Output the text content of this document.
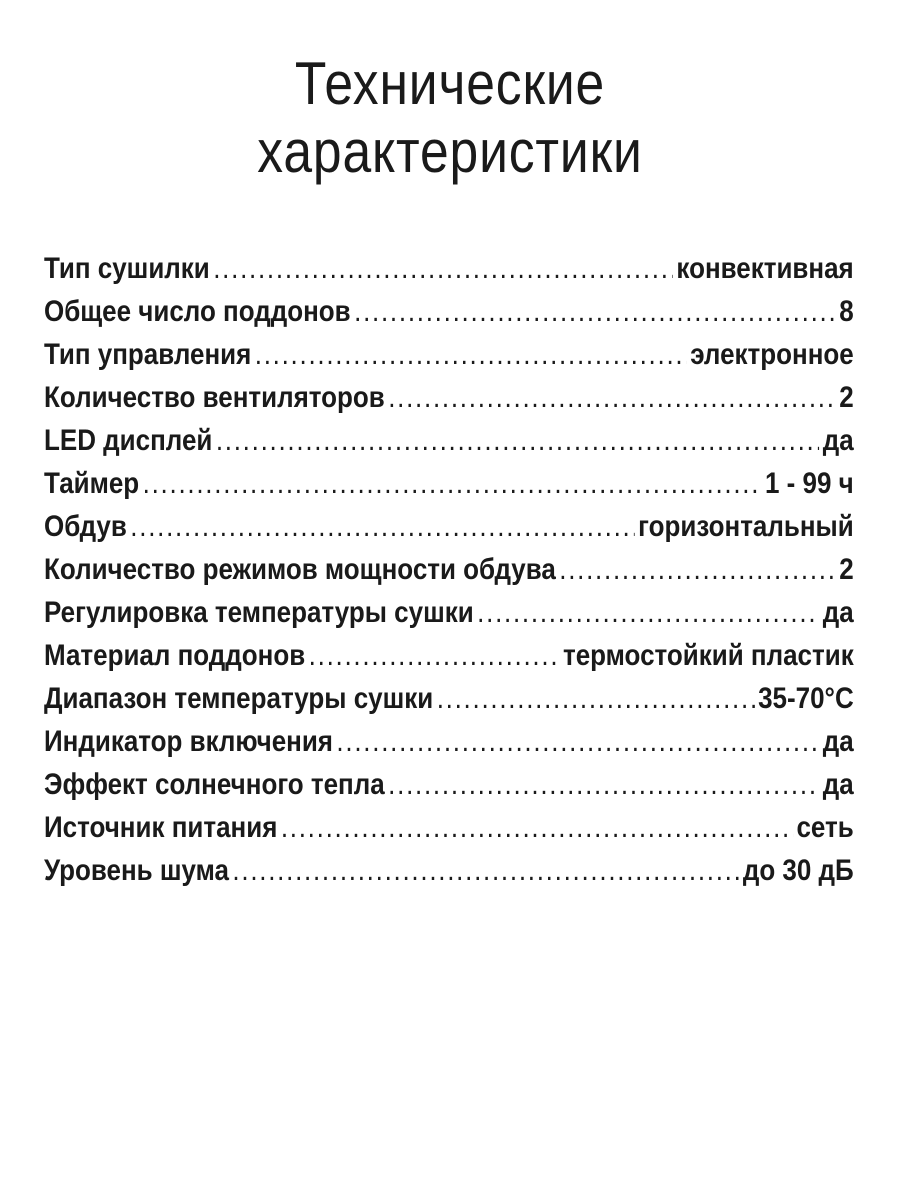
Технические
характеристики
Тип сушилки .....	конвективная
Общее число поддонов .....	8
Тип управления .....	электронное
Количество вентиляторов .....	2
LED дисплей .....	да
Таймер .....	1 - 99 ч
Обдув .....	горизонтальный
Количество режимов мощности обдува .....	2
Регулировка температуры сушки .....	да
Материал поддонов .....	термостойкий пластик
Диапазон температуры сушки .....	35-70°C
Индикатор включения .....	да
Эффект солнечного тепла .....	да
Источник питания .....	сеть
Уровень шума .....	до 30 дБ
